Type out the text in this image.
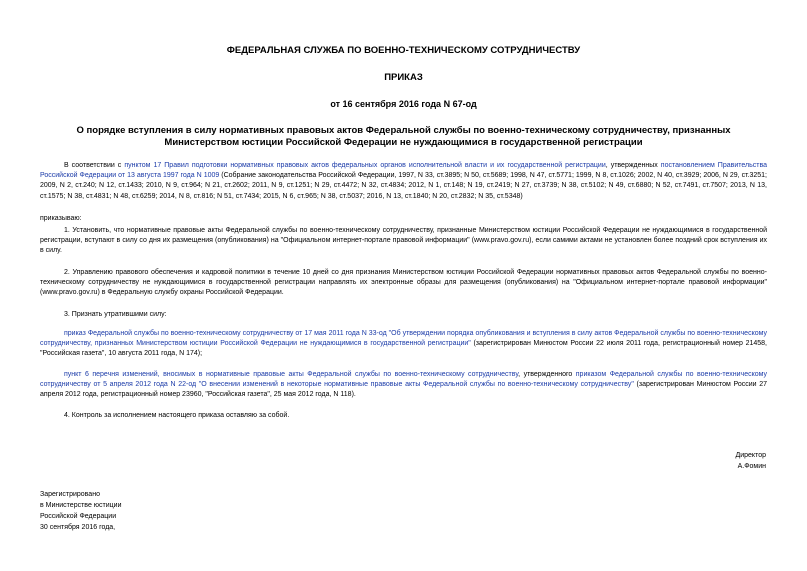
ФЕДЕРАЛЬНАЯ СЛУЖБА ПО ВОЕННО-ТЕХНИЧЕСКОМУ СОТРУДНИЧЕСТВУ
ПРИКАЗ
от 16 сентября 2016 года N 67-од
О порядке вступления в силу нормативных правовых актов Федеральной службы по военно-техническому сотрудничеству, признанных Министерством юстиции Российской Федерации не нуждающимися в государственной регистрации
В соответствии с пунктом 17 Правил подготовки нормативных правовых актов федеральных органов исполнительной власти и их государственной регистрации, утвержденных постановлением Правительства Российской Федерации от 13 августа 1997 года N 1009 (Собрание законодательства Российской Федерации, 1997, N 33, ст.3895; N 50, ст.5689; 1998, N 47, ст.5771; 1999, N 8, ст.1026; 2002, N 40, ст.3929; 2006, N 29, ст.3251; 2009, N 2, ст.240; N 12, ст.1433; 2010, N 9, ст.964; N 21, ст.2602; 2011, N 9, ст.1251; N 29, ст.4472; N 32, ст.4834; 2012, N 1, ст.148; N 19, ст.2419; N 27, ст.3739; N 38, ст.5102; N 49, ст.6880; N 52, ст.7491, ст.7507; 2013, N 13, ст.1575; N 38, ст.4831; N 48, ст.6259; 2014, N 8, ст.816; N 51, ст.7434; 2015, N 6, ст.965; N 38, ст.5037; 2016, N 13, ст.1840; N 20, ст.2832; N 35, ст.5348)
приказываю:
1. Установить, что нормативные правовые акты Федеральной службы по военно-техническому сотрудничеству, признанные Министерством юстиции Российской Федерации не нуждающимися в государственной регистрации, вступают в силу со дня их размещения (опубликования) на "Официальном интернет-портале правовой информации" (www.pravo.gov.ru), если самими актами не установлен более поздний срок вступления их в силу.
2. Управлению правового обеспечения и кадровой политики в течение 10 дней со дня признания Министерством юстиции Российской Федерации нормативных правовых актов Федеральной службы по военно-техническому сотрудничеству не нуждающимися в государственной регистрации направлять их электронные образы для размещения (опубликования) на "Официальном интернет-портале правовой информации" (www.pravo.gov.ru) в Федеральную службу охраны Российской Федерации.
3. Признать утратившими силу:
приказ Федеральной службы по военно-техническому сотрудничеству от 17 мая 2011 года N 33-од "Об утверждении порядка опубликования и вступления в силу актов Федеральной службы по военно-техническому сотрудничеству, признанных Министерством юстиции Российской Федерации не нуждающимися в государственной регистрации" (зарегистрирован Минюстом России 22 июля 2011 года, регистрационный номер 21458, "Российская газета", 10 августа 2011 года, N 174);
пункт 6 перечня изменений, вносимых в нормативные правовые акты Федеральной службы по военно-техническому сотрудничеству, утвержденного приказом Федеральной службы по военно-техническому сотрудничеству от 5 апреля 2012 года N 22-од "О внесении изменений в некоторые нормативные правовые акты Федеральной службы по военно-техническому сотрудничеству" (зарегистрирован Минюстом России 27 апреля 2012 года, регистрационный номер 23960, "Российская газета", 25 мая 2012 года, N 118).
4. Контроль за исполнением настоящего приказа оставляю за собой.
Директор
А.Фомин
Зарегистрировано
в Министерстве юстиции
Российской Федерации
30 сентября 2016 года,
